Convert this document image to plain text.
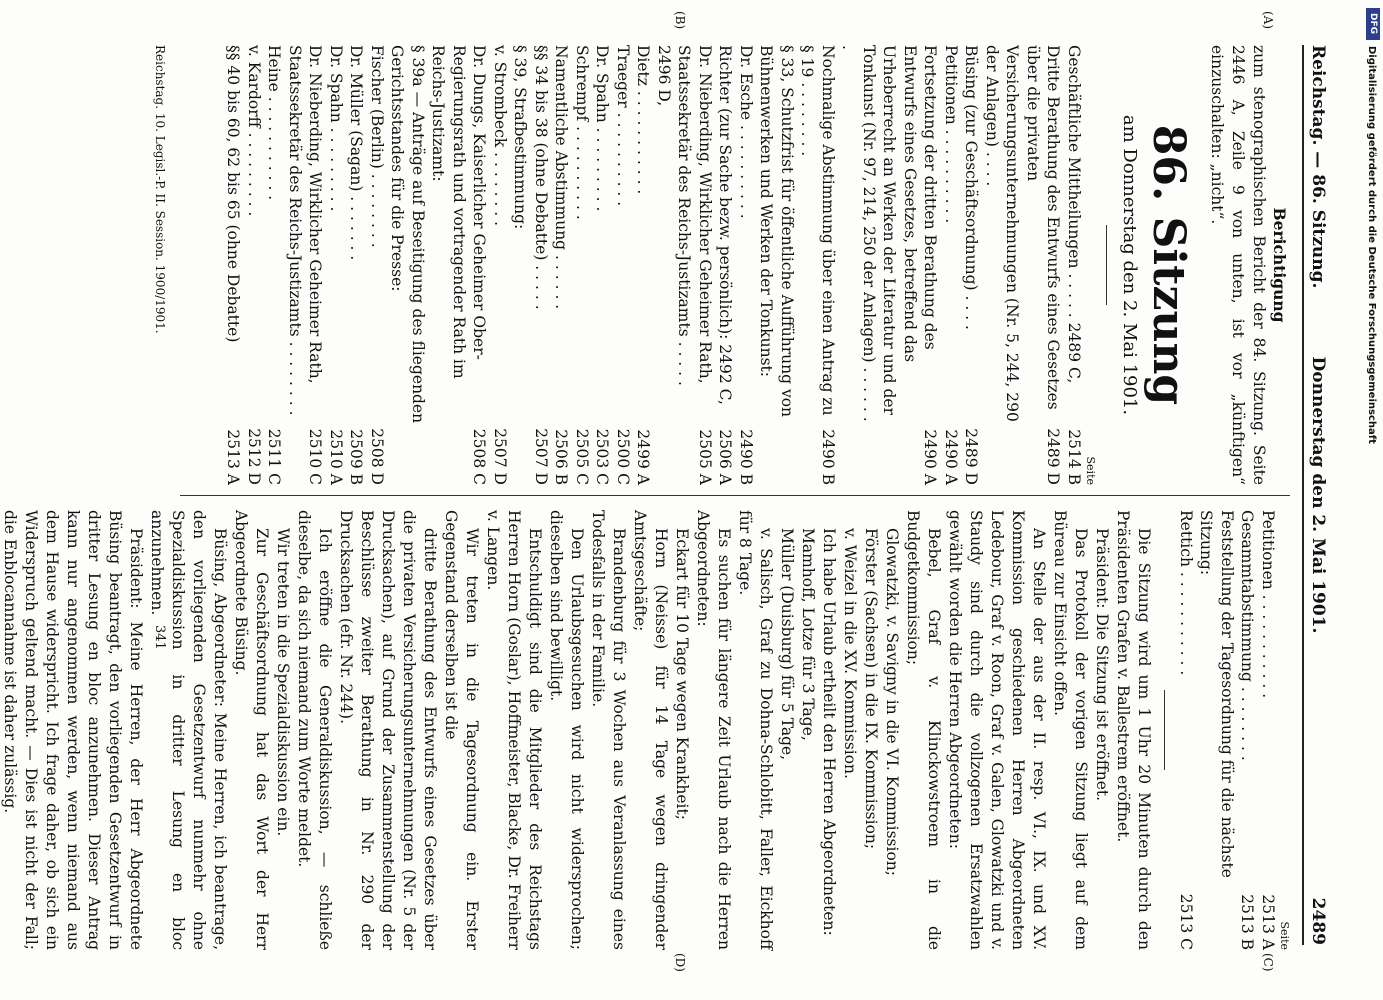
Reichstag. — 86. Sitzung.
Donnerstag den 2. Mai 1901.
2489
(A)
(B)
(C)
(D)

Berichtigung

zum stenographischen Bericht der 84. Sitzung. Seite 2446 A, Zeile 9 von unten, ist vor „künftigen“ einzuschalten: „nicht“.

86. Sitzung
am Donnerstag den 2. Mai 1901.
Seite
Geschäftliche Mittheilungen . . . . . 2489 C,
2514 B
Dritte Berathung des Entwurfs eines Gesetzes über die privaten Versicherungsunternehmungen (Nr. 5, 244, 290 der Anlagen) . . . .
2489 D
Büsing (zur Geschäftsordnung) . . . .
2489 D
Petitionen . . . . . . . . . .
2490 A
Fortsetzung der dritten Berathung des Entwurfs eines Gesetzes, betreffend das Urheberrecht an Werken der Literatur und der Tonkunst (Nr. 97, 214, 250 der Anlagen) . . . . . . .
2490 A
Nochmalige Abstimmung über einen Antrag zu § 19 . . . . . . . .
2490 B
§ 33, Schutzfrist für öffentliche Aufführung von Bühnenwerken und Werken der Tonkunst:
Dr. Esche . . . . . . . . . .
2490 B
Richter (zur Sache bezw. persönlich): 2492 C,
2506 A
Dr. Nieberding, Wirklicher Geheimer Rath, Staatssekretär des Reichs-Justizamts . . . . . 2496 D,
2505 A
Dietz . . . . . . . . . . .
2499 A
Traeger . . . . . . . . . .
2500 C
Dr. Spahn . . . . . . . . .
2503 C
Schrempf . . . . . . . . . .
2505 C
Namentliche Abstimmung . . . . . .
2506 B
§§ 34 bis 38 (ohne Debatte) . . . . .
2507 D
§ 39, Strafbestimmung:
v. Strombeck . . . . . . . .
2507 D
Dr. Dungs, Kaiserlicher Geheimer Ober-Regierungsrath und vortragender Rath im Reichs-Justizamt:
2508 C
§ 39a — Anträge auf Beseitigung des fliegenden Gerichtsstandes für die Presse:
Fischer (Berlin) . . . . . . . .
2508 D
Dr. Müller (Sagan) . . . . . . .
2509 B
Dr. Spahn . . . . . . . . .
2510 A
Dr. Nieberding, Wirklicher Geheimer Rath, Staatssekretär des Reichs-Justizamts . . . . . . . .
2510 C
Heine . . . . . . . . . . .
2511 C
v. Kardorff . . . . . . . . .
2512 D
§§ 40 bis 60, 62 bis 65 (ohne Debatte)
2513 A
Seite
Petitionen . . . . . . . . . . .
2513 A
Gesammtabstimmung . . . . . . . .
2513 B
Feststellung der Tagesordnung für die nächste Sitzung:
Rettich . . . . . . . . . . .
2513 C

Die Sitzung wird um 1 Uhr 20 Minuten durch den Präsidenten Grafen v. Ballestrem eröffnet.

Präsident: Die Sitzung ist eröffnet.

Das Protokoll der vorigen Sitzung liegt auf dem Büreau zur Einsicht offen.

An Stelle der aus der II. resp. VI., IX. und XV. Kommission geschiedenen Herren Abgeordneten Ledebour, Graf v. Roon, Graf v. Galen, Glowatzki und v. Staudy sind durch die vollzogenen Ersatzwahlen gewählt worden die Herren Abgeordneten:

Bebel, Graf v. Klinckowstroem in die Budgetkommission;

Glowatzki, v. Savigny in die VI. Kommission;

Förster (Sachsen) in die IX. Kommission;

v. Weizel in die XV. Kommission.

Ich habe Urlaub ertheilt den Herren Abgeordneten:

Mamhoff, Lotze für 3 Tage,

Müller (Duisburg) für 5 Tage,

v. Salisch, Graf zu Dohna-Schlobitt, Faller, Eickhoff für 8 Tage.

Es suchen für längere Zeit Urlaub nach die Herren Abgeordneten:

Eckart für 10 Tage wegen Krankheit;

Horn (Neisse) für 14 Tage wegen dringender Amtsgeschäfte;

Brandenburg für 3 Wochen aus Veranlassung eines Todesfalls in der Familie.

Den Urlaubsgesuchen wird nicht widersprochen; dieselben sind bewilligt.

Entschuldigt sind die Mitglieder des Reichstags Herren Horn (Goslar), Hoffmeister, Blacke, Dr. Freiherr v. Langen.

Wir treten in die Tagesordnung ein. Erster Gegenstand derselben ist die

dritte Berathung des Entwurfs eines Gesetzes über die privaten Versicherungsunternehmungen (Nr. 5 der Drucksachen), auf Grund der Zusammenstellung der Beschlüsse zweiter Berathung in Nr. 290 der Drucksachen (efr. Nr. 244).

Ich eröffne die Generaldiskussion, — schließe dieselbe, da sich niemand zum Worte meldet.

Wir treten in die Spezialdiskussion ein.

Zur Geschäftsordnung hat das Wort der Herr Abgeordnete Büsing.

Büsing, Abgeordneter: Meine Herren, ich beantrage, den vorliegenden Gesetzentwurf nunmehr ohne Spezialdiskussion in dritter Lesung en bloc anzunehmen.

Präsident: Meine Herren, der Herr Abgeordnete Büsing beantragt, den vorliegenden Gesetzentwurf in dritter Lesung en bloc anzunehmen. Dieser Antrag kann nur angenommen werden, wenn niemand aus dem Hause widerspricht. Ich frage daher, ob sich ein Widerspruch geltend macht. — Dies ist nicht der Fall; die Enblocannahme ist daher zulässig.

Reichstag. 10. Legisl.-P. II. Session. 1900/1901.
341
DFG
Digitalisierung gefördert durch die Deutsche Forschungsgemeinschaft
